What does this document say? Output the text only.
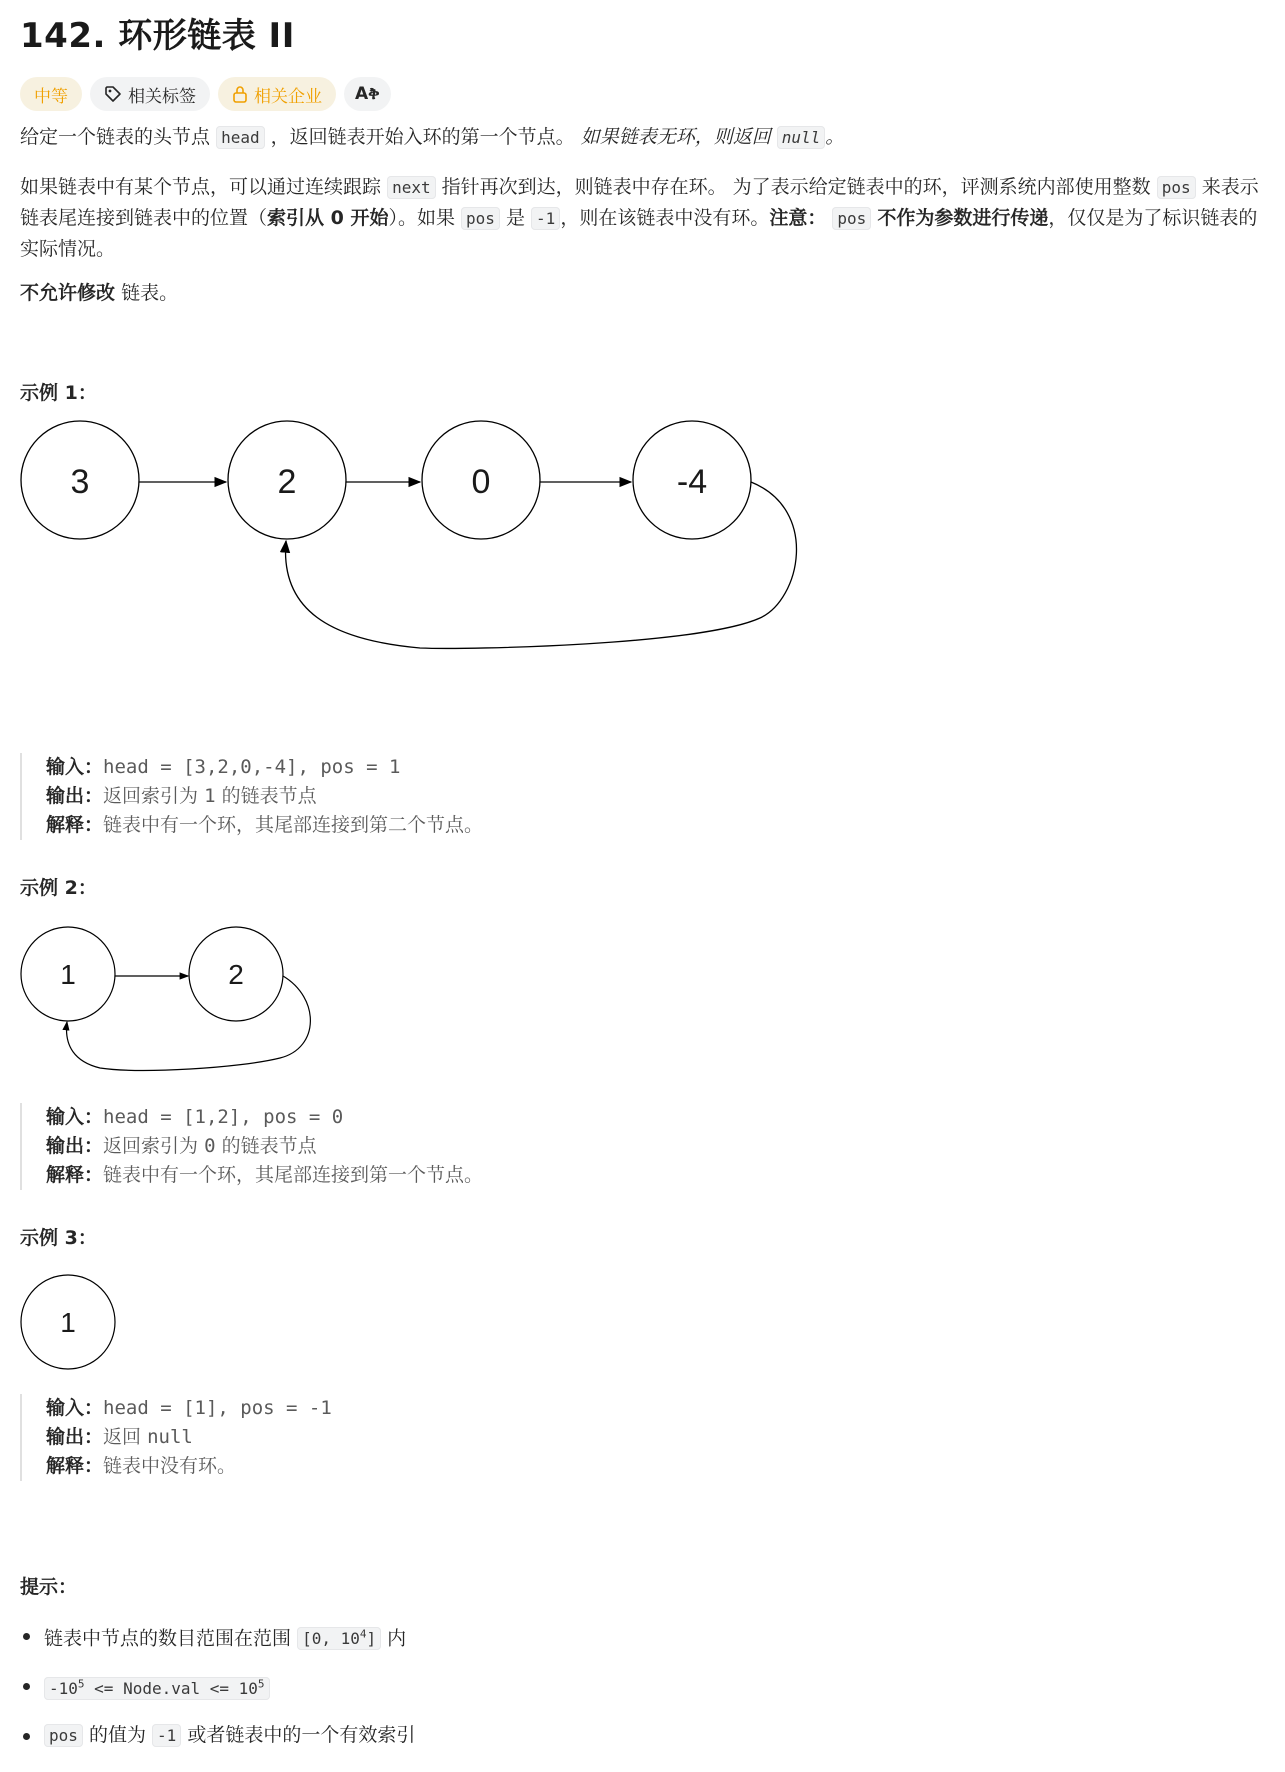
142. 环形链表 II
中等	相关标签	相关企业 Aቅ
给定一个链表的头节点 head ，返回链表开始入环的第一个节点。 如果链表无环，则返回 null 。
如果链表中有某个节点，可以通过连续跟踪 next 指针再次到达，则链表中存在环。 为了表示给定链表中的环，评测系统内部使用整数 pos 来表示链表尾连接到链表中的位置（索引从 0 开始）。如果 pos 是 -1 ，则在该链表中没有环。注意： pos 不作为参数进行传递，仅仅是为了标识链表的实际情况。
不允许修改 链表。
示例 1：
3	2	0	-4
输入：head = [3,2,0,-4], pos = 1
输出：返回索引为 1 的链表节点
解释：链表中有一个环，其尾部连接到第二个节点。
示例 2：
1	2
输入：head = [1,2], pos = 0
输出：返回索引为 0 的链表节点
解释：链表中有一个环，其尾部连接到第一个节点。
示例 3：
1
输入：head = [1], pos = -1
输出：返回 null
解释：链表中没有环。
提示：
链表中节点的数目范围在范围 [0, $10^4$] 内
$-10^5$ <= Node.val <= $10^5$
pos 的值为 -1 或者链表中的一个有效索引
